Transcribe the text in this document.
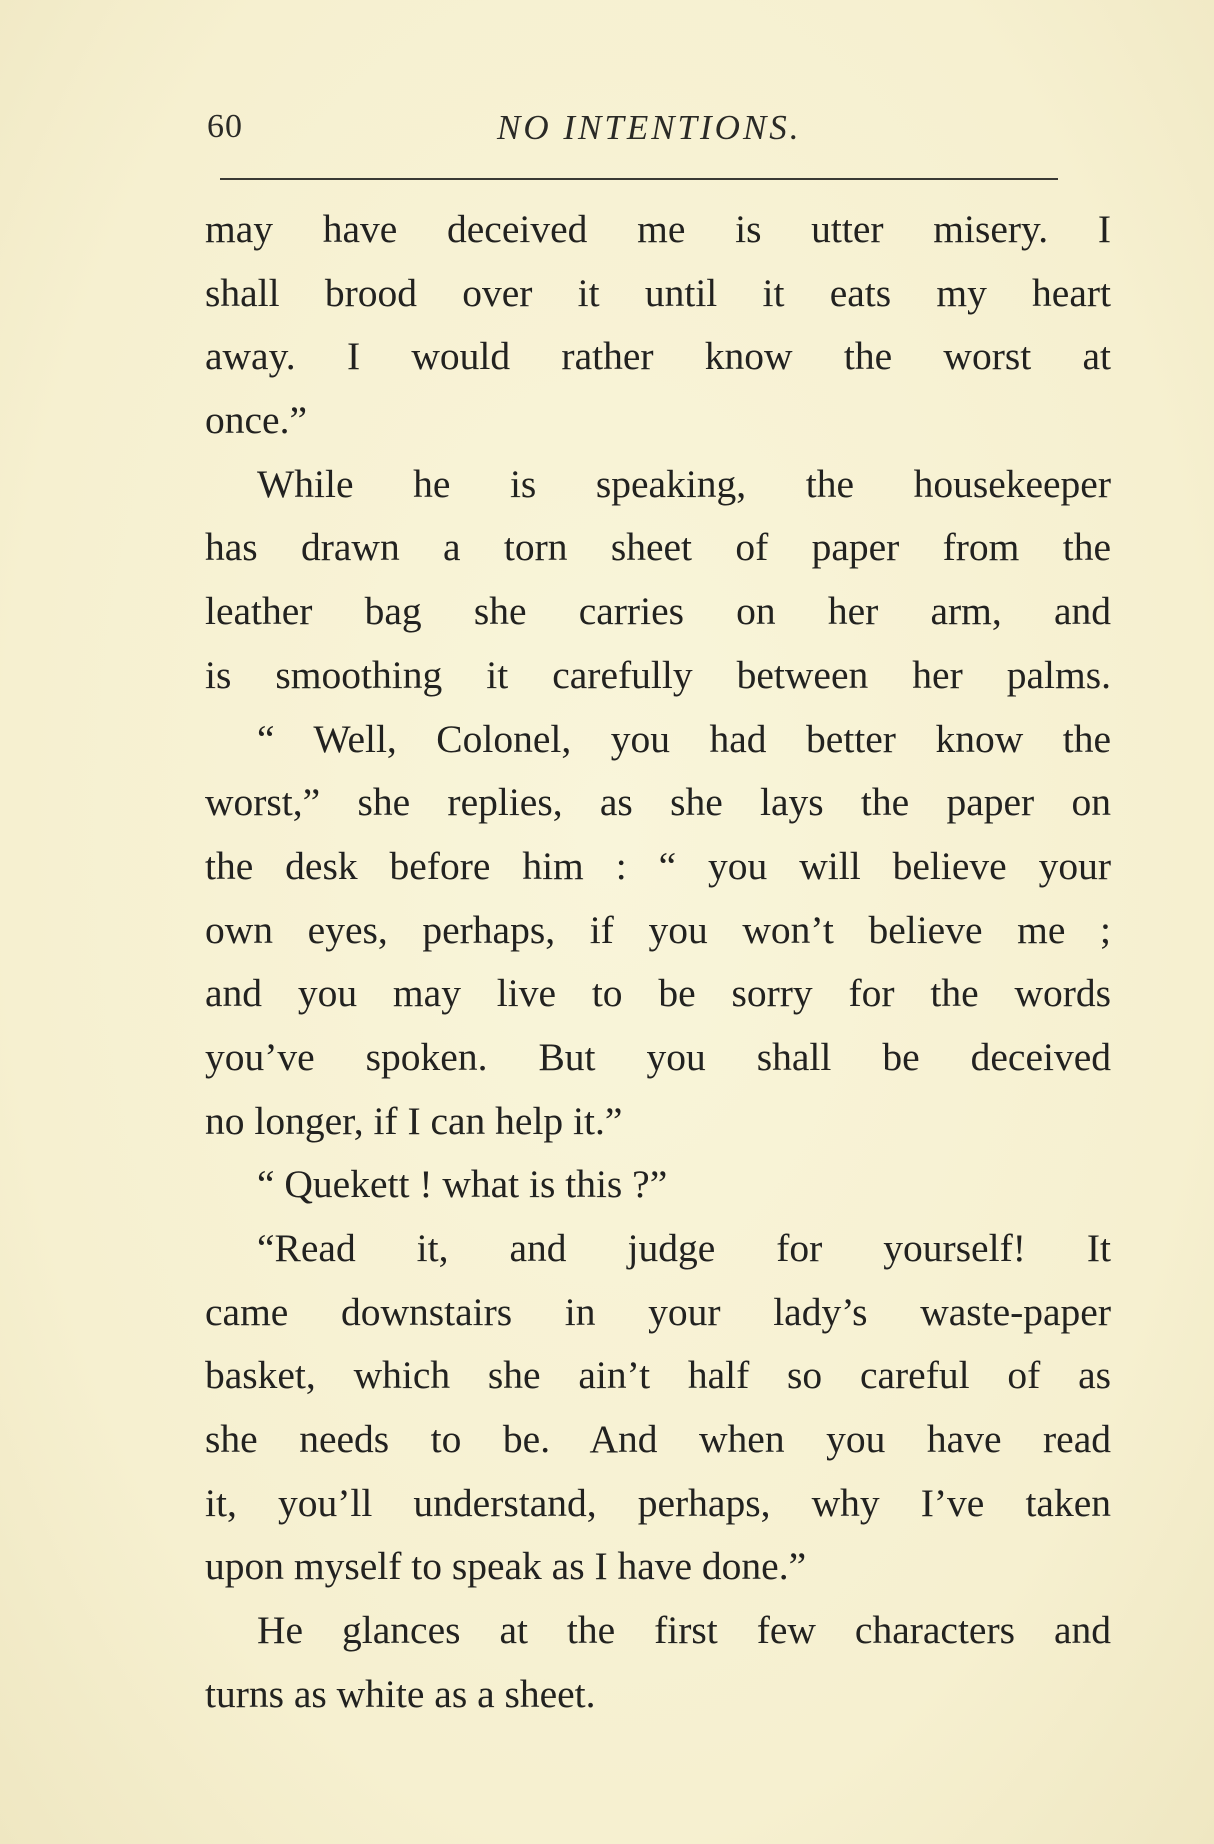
60	NO INTENTIONS.
may have deceived me is utter misery. I
shall brood over it until it eats my heart
away. I would rather know the worst at
once.”
While he is speaking, the housekeeper
has drawn a torn sheet of paper from the
leather bag she carries on her arm, and
is smoothing it carefully between her palms.
“ Well, Colonel, you had better know the
worst,” she replies, as she lays the paper on
the desk before him : “ you will believe your
own eyes, perhaps, if you won’t believe me ;
and you may live to be sorry for the words
you’ve spoken. But you shall be deceived
no longer, if I can help it.”
“ Quekett ! what is this ?”
“Read it, and judge for yourself! It
came downstairs in your lady’s waste-paper
basket, which she ain’t half so careful of as
she needs to be. And when you have read
it, you’ll understand, perhaps, why I’ve taken
upon myself to speak as I have done.”
He glances at the first few characters and
turns as white as a sheet.
